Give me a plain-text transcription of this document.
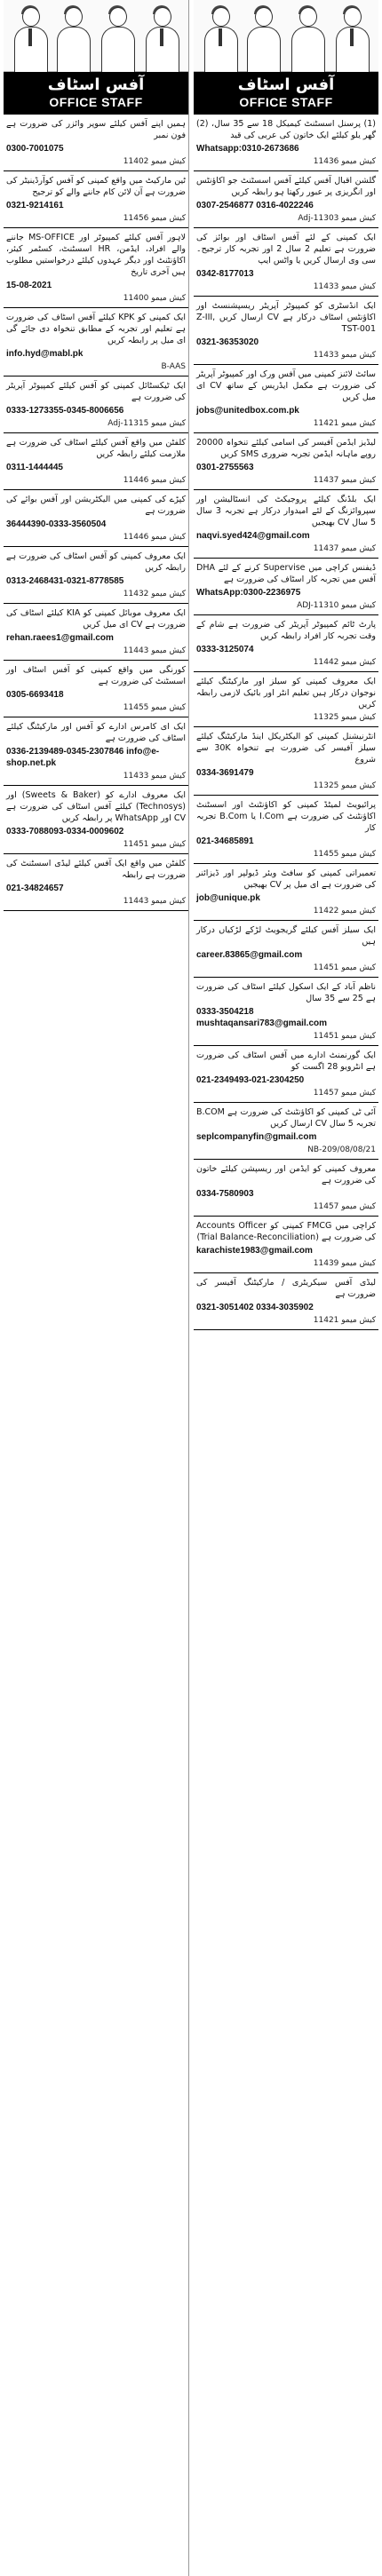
آفس اسٹاف
OFFICE STAFF
(1) پرسنل اسسٹنٹ کیمیکل 18 سے 35 سال، (2) گھر یلو کیلئے ایک خاتون کی عربی کی قید
Whatsapp:0310-2673686
کیش میمو 11436
گلشن اقبال آفس کیلئے آفس اسسٹنٹ جو اکاؤنٹس اور انگریزی پر عبور رکھتا ہو رابطہ کریں
0307-2546877 0316-4022246
کیش میمو Adj-11303
ایک کمپنی کے لئے آفس اسٹاف اور بوائز کی ضرورت ہے تعلیم 2 سال 2 اور تجربہ کار ترجیح۔ سی وی ارسال کریں یا واٹس ایپ
0342-8177013
کیش میمو 11433
ایک انڈسٹری کو کمپیوٹر آپریٹر ریسپشنسٹ اور اکاؤنٹس اسٹاف درکار ہے CV ارسال کریں Z-III, TST-001
0321-36353020
کیش میمو 11433
سائٹ لائنز کمپنی میں آفس ورک اور کمپیوٹر آپریٹر کی ضرورت ہے مکمل ایڈریس کے ساتھ CV ای میل کریں
jobs@unitedbox.com.pk
کیش میمو 11421
لیڈیز ایڈمن آفیسر کی اسامی کیلئے تنخواہ 20000 روپے ماہانہ ایڈمن تجربہ ضروری SMS کریں
0301-2755563
کیش میمو 11437
ایک بلڈنگ کیلئے پروجیکٹ کی انسٹالیشن اور سپروائزنگ کے لئے امیدوار درکار ہے تجربہ 3 سال 5 سال CV بھیجیں
naqvi.syed424@gmail.com
کیش میمو 11437
ڈیفنس کراچی میں Supervise کرنے کے لئے DHA آفس میں تجربہ کار اسٹاف کی ضرورت ہے
WhatsApp:0300-2236975
کیش میمو ADJ-11310
پارٹ ٹائم کمپیوٹر آپریٹر کی ضرورت ہے شام کے وقت تجربہ کار افراد رابطہ کریں
0333-3125074
کیش میمو 11442
ایک معروف کمپنی کو سیلز اور مارکیٹنگ کیلئے نوجوان درکار ہیں تعلیم انٹر اور بائیک لازمی رابطہ کریں
کیش میمو 11325
انٹرنیشنل کمپنی کو الیکٹریکل اینڈ مارکیٹنگ کیلئے سیلز آفیسر کی ضرورت ہے تنخواہ 30K سے شروع
0334-3691479
کیش میمو 11325
پرائیویٹ لمیٹڈ کمپنی کو اکاؤنٹنٹ اور اسسٹنٹ اکاؤنٹنٹ کی ضرورت ہے I.Com یا B.Com تجربہ کار
021-34685891
کیش میمو 11455
تعمیراتی کمپنی کو سافٹ ویئر ڈیولپر اور ڈیزائنر کی ضرورت ہے ای میل پر CV بھیجیں
job@unique.pk
کیش میمو 11422
ایک سیلز آفس کیلئے گریجویٹ لڑکے لڑکیاں درکار ہیں
career.83865@gmail.com
کیش میمو 11451
ناظم آباد کے ایک اسکول کیلئے اسٹاف کی ضرورت ہے 25 سے 35 سال
0333-3504218 mushtaqansari783@gmail.com
کیش میمو 11451
ایک گورنمنٹ ادارے میں آفس اسٹاف کی ضرورت ہے انٹرویو 28 اگست کو
021-2349493-021-2304250
کیش میمو 11457
آئی ٹی کمپنی کو اکاؤنٹنٹ کی ضرورت ہے B.COM تجربہ 5 سال CV ارسال کریں
seplcompanyfin@gmail.com
NB-209/08/08/21
معروف کمپنی کو ایڈمن اور ریسپشن کیلئے خاتون کی ضرورت ہے
0334-7580903
کیش میمو 11457
کراچی میں FMCG کمپنی کو Accounts Officer کی ضرورت ہے (Trial Balance-Reconciliation)
karachiste1983@gmail.com
کیش میمو 11439
لیڈی آفس سیکریٹری / مارکیٹنگ آفیسر کی ضرورت ہے
0321-3051402 0334-3035902
کیش میمو 11421
آفس اسٹاف
OFFICE STAFF
ہمیں اپنے آفس کیلئے سوپر وائزر کی ضرورت ہے فون نمبر
0300-7001075
کیش میمو 11402
ٹین مارکیٹ میں واقع کمپنی کو آفس کوآرڈینیٹر کی ضرورت ہے آن لائن کام جاننے والے کو ترجیح
0321-9214161
کیش میمو 11456
لاہور آفس کیلئے کمپیوٹر اور MS-OFFICE جاننے والے افراد، ایڈمن، HR اسسٹنٹ، کسٹمر کیئر، اکاؤنٹنٹ اور دیگر عہدوں کیلئے درخواستیں مطلوب ہیں آخری تاریخ
15-08-2021
کیش میمو 11400
ایک کمپنی کو KPK کیلئے آفس اسٹاف کی ضرورت ہے تعلیم اور تجربہ کے مطابق تنخواہ دی جائے گی ای میل پر رابطہ کریں
info.hyd@mabl.pk
B-AAS
ایک ٹیکسٹائل کمپنی کو آفس کیلئے کمپیوٹر آپریٹر کی ضرورت ہے
0333-1273355-0345-8006656
کیش میمو 11315-Adj
کلفٹن میں واقع آفس کیلئے اسٹاف کی ضرورت ہے ملازمت کیلئے رابطہ کریں
0311-1444445
کیش میمو 11446
کپڑے کی کمپنی میں الیکٹریشن اور آفس بوائے کی ضرورت ہے
36444390-0333-3560504
کیش میمو 11446
ایک معروف کمپنی کو آفس اسٹاف کی ضرورت ہے رابطہ کریں
0313-2468431-0321-8778585
کیش میمو 11432
ایک معروف موبائل کمپنی کو KIA کیلئے اسٹاف کی ضرورت ہے CV ای میل کریں
rehan.raees1@gmail.com
کیش میمو 11443
کورنگی میں واقع کمپنی کو آفس اسٹاف اور اسسٹنٹ کی ضرورت ہے
0305-6693418
کیش میمو 11455
ایک ای کامرس ادارے کو آفس اور مارکیٹنگ کیلئے اسٹاف کی ضرورت ہے
0336-2139489-0345-2307846 info@e-shop.net.pk
کیش میمو 11433
ایک معروف ادارے کو (Sweets & Baker) اور (Technosys) کیلئے آفس اسٹاف کی ضرورت ہے CV اور WhatsApp پر رابطہ کریں
0333-7088093-0334-0009602
کیش میمو 11451
کلفٹن میں واقع ایک آفس کیلئے لیڈی اسسٹنٹ کی ضرورت ہے رابطہ
021-34824657
کیش میمو 11443
